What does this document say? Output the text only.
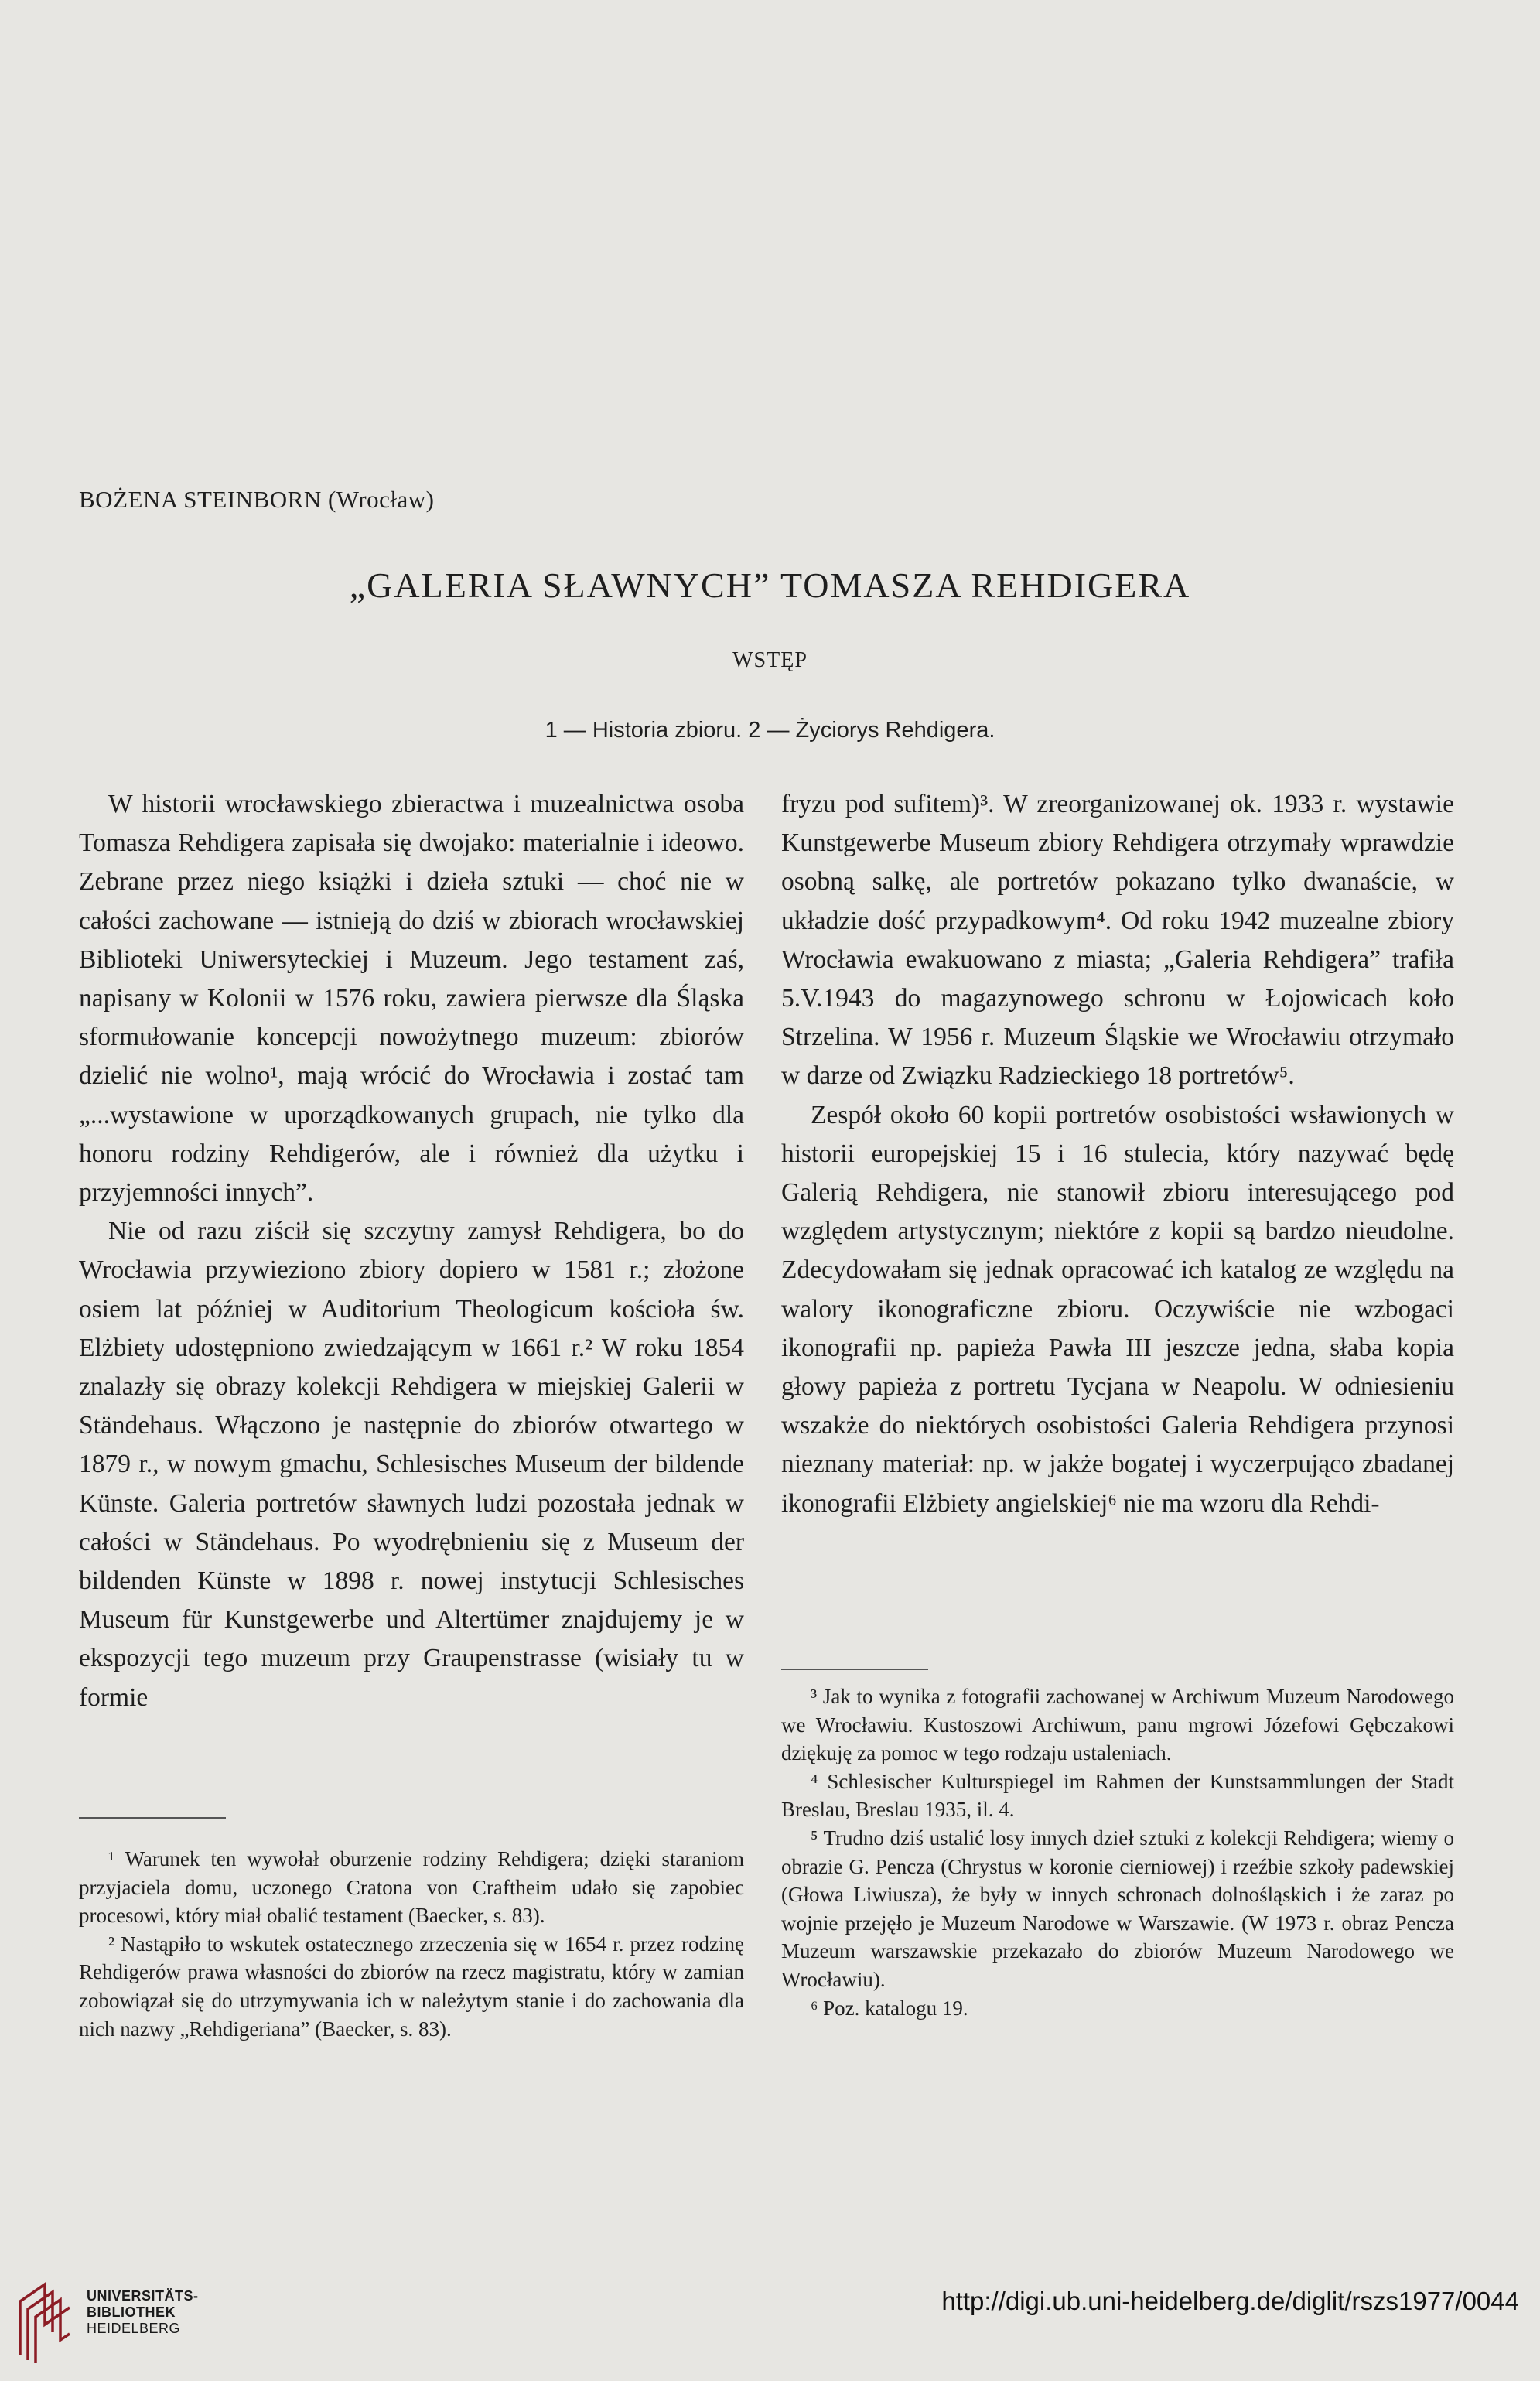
BOŻENA STEINBORN (Wrocław)
„GALERIA SŁAWNYCH” TOMASZA REHDIGERA
WSTĘP
1 — Historia zbioru. 2 — Życiorys Rehdigera.

W historii wrocławskiego zbieractwa i muzealnictwa osoba Tomasza Rehdigera zapisała się dwojako: materialnie i ideowo. Zebrane przez niego książki i dzieła sztuki — choć nie w całości zachowane — istnieją do dziś w zbiorach wrocławskiej Biblioteki Uniwersyteckiej i Muzeum. Jego testament zaś, napisany w Kolonii w 1576 roku, zawiera pierwsze dla Śląska sformułowanie koncepcji nowożytnego muzeum: zbiorów dzielić nie wolno¹, mają wrócić do Wrocławia i zostać tam „...wystawione w uporządkowanych grupach, nie tylko dla honoru rodziny Rehdigerów, ale i również dla użytku i przyjemności innych”.

Nie od razu ziścił się szczytny zamysł Rehdigera, bo do Wrocławia przywieziono zbiory dopiero w 1581 r.; złożone osiem lat później w Auditorium Theologicum kościoła św. Elżbiety udostępniono zwiedzającym w 1661 r.² W roku 1854 znalazły się obrazy kolekcji Rehdigera w miejskiej Galerii w Ständehaus. Włączono je następnie do zbiorów otwartego w 1879 r., w nowym gmachu, Schlesisches Museum der bildende Künste. Galeria portretów sławnych ludzi pozostała jednak w całości w Ständehaus. Po wyodrębnieniu się z Museum der bildenden Künste w 1898 r. nowej instytucji Schlesisches Museum für Kunstgewerbe und Altertümer znajdujemy je w ekspozycji tego muzeum przy Graupenstrasse (wisiały tu w formie

fryzu pod sufitem)³. W zreorganizowanej ok. 1933 r. wystawie Kunstgewerbe Museum zbiory Rehdigera otrzymały wprawdzie osobną salkę, ale portretów pokazano tylko dwanaście, w układzie dość przypadkowym⁴. Od roku 1942 muzealne zbiory Wrocławia ewakuowano z miasta; „Galeria Rehdigera” trafiła 5.V.1943 do magazynowego schronu w Łojowicach koło Strzelina. W 1956 r. Muzeum Śląskie we Wrocławiu otrzymało w darze od Związku Radzieckiego 18 portretów⁵.

Zespół około 60 kopii portretów osobistości wsławionych w historii europejskiej 15 i 16 stulecia, który nazywać będę Galerią Rehdigera, nie stanowił zbioru interesującego pod względem artystycznym; niektóre z kopii są bardzo nieudolne. Zdecydowałam się jednak opracować ich katalog ze względu na walory ikonograficzne zbioru. Oczywiście nie wzbogaci ikonografii np. papieża Pawła III jeszcze jedna, słaba kopia głowy papieża z portretu Tycjana w Neapolu. W odniesieniu wszakże do niektórych osobistości Galeria Rehdigera przynosi nieznany materiał: np. w jakże bogatej i wyczerpująco zbadanej ikonografii Elżbiety angielskiej⁶ nie ma wzoru dla Rehdi-

³ Jak to wynika z fotografii zachowanej w Archiwum Muzeum Narodowego we Wrocławiu. Kustoszowi Archiwum, panu mgrowi Józefowi Gębczakowi dziękuję za pomoc w tego rodzaju ustaleniach.

⁴ Schlesischer Kulturspiegel im Rahmen der Kunstsammlungen der Stadt Breslau, Breslau 1935, il. 4.

⁵ Trudno dziś ustalić losy innych dzieł sztuki z kolekcji Rehdigera; wiemy o obrazie G. Pencza (Chrystus w koronie cierniowej) i rzeźbie szkoły padewskiej (Głowa Liwiusza), że były w innych schronach dolnośląskich i że zaraz po wojnie przejęło je Muzeum Narodowe w Warszawie. (W 1973 r. obraz Pencza Muzeum warszawskie przekazało do zbiorów Muzeum Narodowego we Wrocławiu).

⁶ Poz. katalogu 19.

¹ Warunek ten wywołał oburzenie rodziny Rehdigera; dzięki staraniom przyjaciela domu, uczonego Cratona von Craftheim udało się zapobiec procesowi, który miał obalić testament (Baecker, s. 83).

² Nastąpiło to wskutek ostatecznego zrzeczenia się w 1654 r. przez rodzinę Rehdigerów prawa własności do zbiorów na rzecz magistratu, który w zamian zobowiązał się do utrzymywania ich w należytym stanie i do zachowania dla nich nazwy „Rehdigeriana” (Baecker, s. 83).

UNIVERSITÄTS-
BIBLIOTHEK
HEIDELBERG
http://digi.ub.uni-heidelberg.de/diglit/rszs1977/0044
